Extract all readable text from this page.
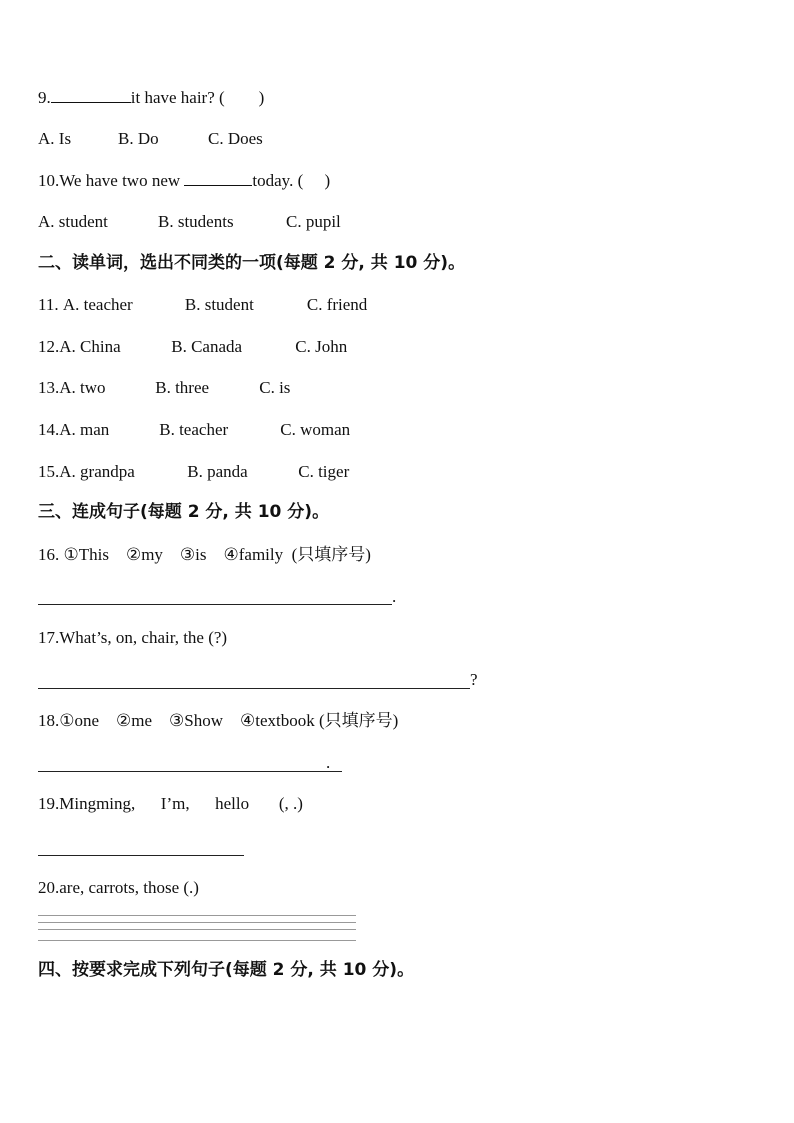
9.	it have hair? (        )
A. Is	B. Do	C. Does
10.We have two new	today. (     )
A. student	B. students	C. pupil
二、读单词，选出不同类的一项(每题 2 分, 共 10 分)。
11. A. teacher	B. student	C. friend
12.A. China	B. Canada	C. John
13.A. two	B. three	C. is
14.A. man	B. teacher	C. woman
15.A. grandpa	B. panda	C. tiger
三、连成句子(每题 2 分, 共 10 分)。
16. ①This    ②my    ③is    ④family  (只填序号)
.
17.What’s, on, chair, the (?)
?
18.①one    ②me    ③Show    ④textbook (只填序号)
.
19.Mingming,      I’m,      hello       (, .)
20.are, carrots, those (.)
四、按要求完成下列句子(每题 2 分, 共 10 分)。
